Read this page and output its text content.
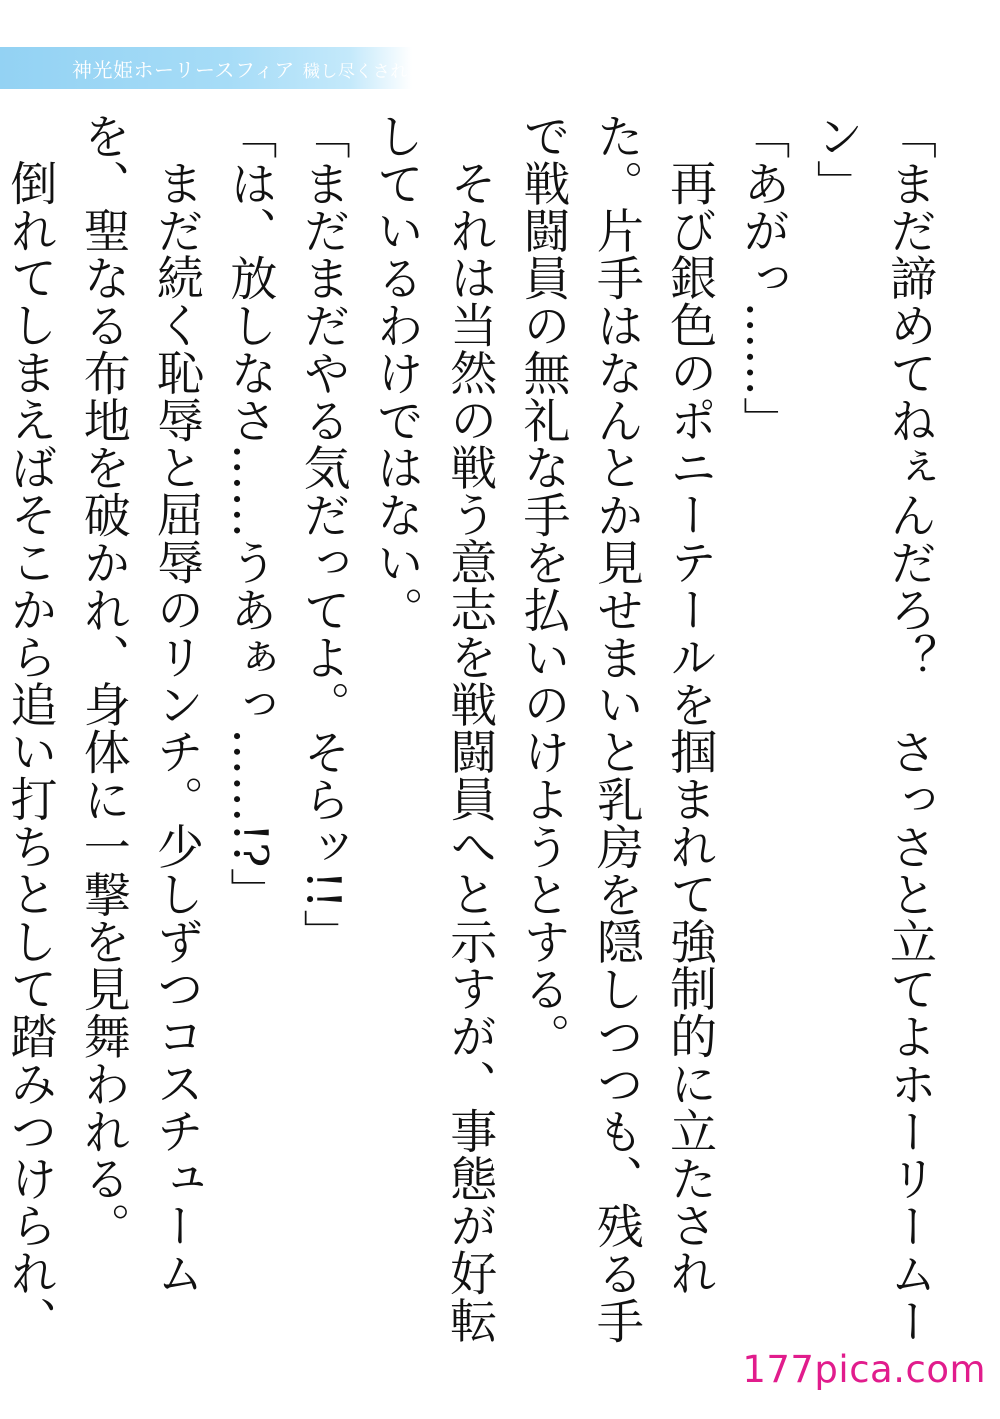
神光姫ホーリースフィア 穢し尽くされる正義

「まだ諦めてねぇんだろ？　さっさと立てよホーリームーン」

「あがっ……」

再び銀色のポニーテールを掴まれて強制的に立たされた。片手はなんとか見せまいと乳房を隠しつつも、残る手で戦闘員の無礼な手を払いのけようとする。

それは当然の戦う意志を戦闘員へと示すが、事態が好転しているわけではない。

「まだまだやる気だってよ。そらッ!!」

「は、放しなさ……うあぁっ……!?」

まだ続く恥辱と屈辱のリンチ。少しずつコスチュームを、聖なる布地を破かれ、身体に一撃を見舞われる。

倒れてしまえばそこから追い打ちとして踏みつけられ、

177pica.com
